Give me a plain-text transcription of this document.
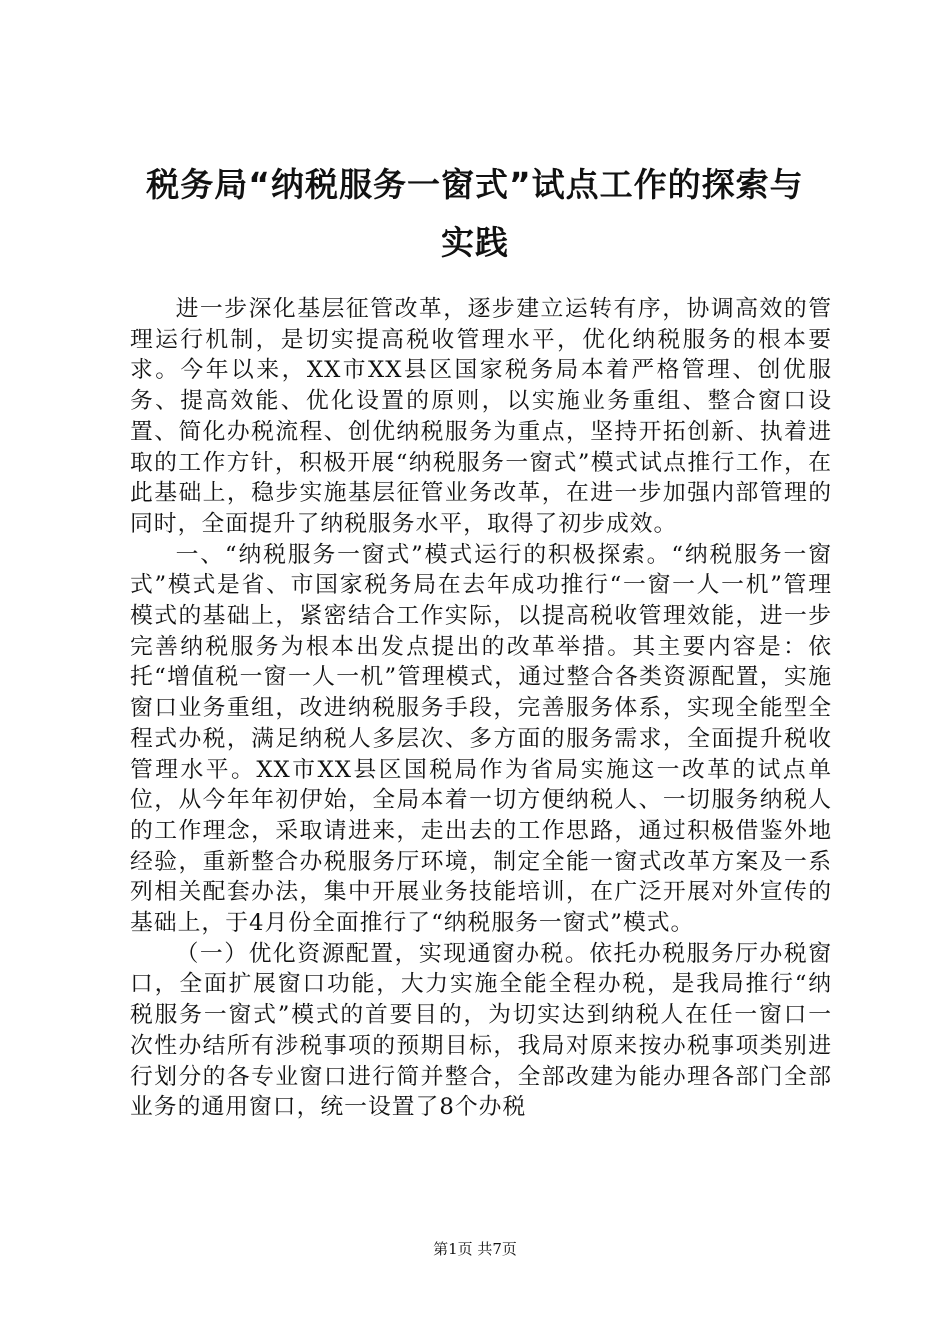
税务局“纳税服务一窗式”试点工作的探索与
实践

进一步深化基层征管改革，逐步建立运转有序，协调高效的管理运行机制，是切实提高税收管理水平，优化纳税服务的根本要求。今年以来，XX市XX县区国家税务局本着严格管理、创优服务、提高效能、优化设置的原则，以实施业务重组、整合窗口设置、简化办税流程、创优纳税服务为重点，坚持开拓创新、执着进取的工作方针，积极开展“纳税服务一窗式”模式试点推行工作，在此基础上，稳步实施基层征管业务改革，在进一步加强内部管理的同时，全面提升了纳税服务水平，取得了初步成效。

一、“纳税服务一窗式”模式运行的积极探索。“纳税服务一窗式”模式是省、市国家税务局在去年成功推行“一窗一人一机”管理模式的基础上，紧密结合工作实际，以提高税收管理效能，进一步完善纳税服务为根本出发点提出的改革举措。其主要内容是：依托“增值税一窗一人一机”管理模式，通过整合各类资源配置，实施窗口业务重组，改进纳税服务手段，完善服务体系，实现全能型全程式办税，满足纳税人多层次、多方面的服务需求，全面提升税收管理水平。XX市XX县区国税局作为省局实施这一改革的试点单位，从今年年初伊始，全局本着一切方便纳税人、一切服务纳税人的工作理念，采取请进来，走出去的工作思路，通过积极借鉴外地经验，重新整合办税服务厅环境，制定全能一窗式改革方案及一系列相关配套办法，集中开展业务技能培训，在广泛开展对外宣传的基础上，于4月份全面推行了“纳税服务一窗式”模式。

（一）优化资源配置，实现通窗办税。依托办税服务厅办税窗口，全面扩展窗口功能，大力实施全能全程办税，是我局推行“纳税服务一窗式”模式的首要目的，为切实达到纳税人在任一窗口一次性办结所有涉税事项的预期目标，我局对原来按办税事项类别进行划分的各专业窗口进行简并整合，全部改建为能办理各部门全部业务的通用窗口，统一设置了8个办税

第1页 共7页
